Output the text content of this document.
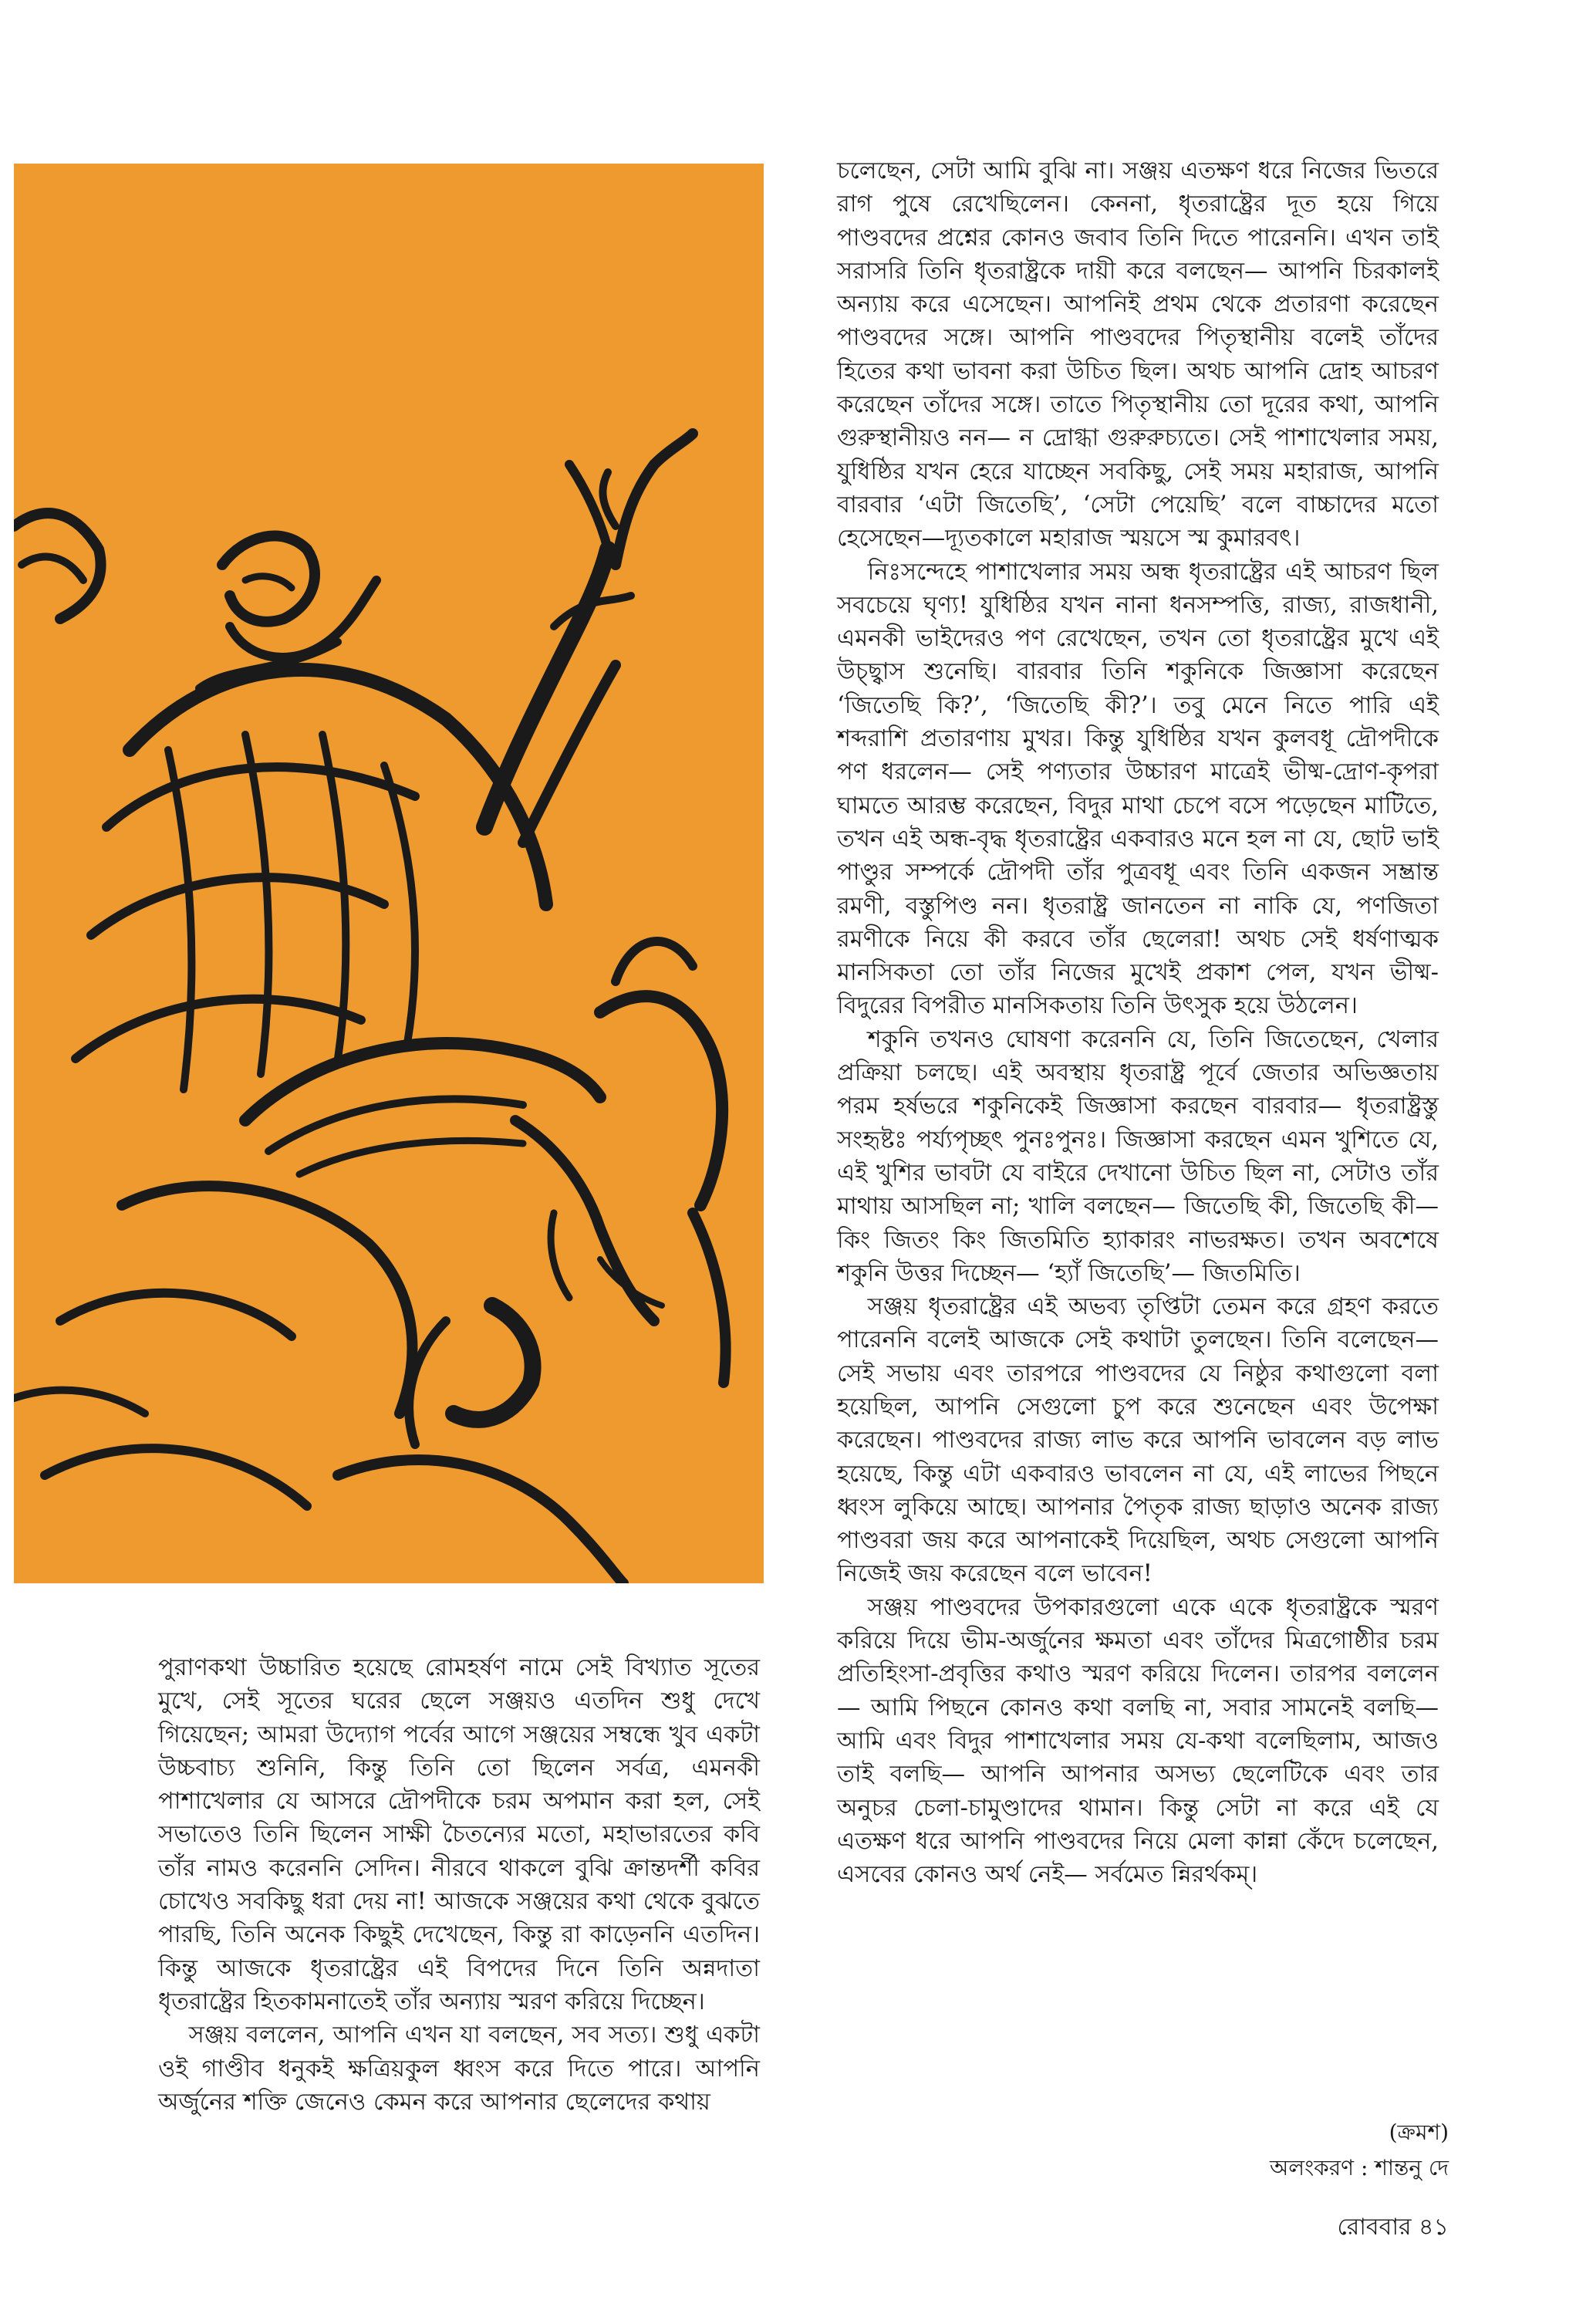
চলেছেন, সেটা আমি বুঝি না। সঞ্জয় এতক্ষণ ধরে নিজের ভিতরে রাগ পুষে রেখেছিলেন। কেননা, ধৃতরাষ্ট্রের দূত হয়ে গিয়ে পাণ্ডবদের প্রশ্নের কোনও জবাব তিনি দিতে পারেননি। এখন তাই সরাসরি তিনি ধৃতরাষ্ট্রকে দায়ী করে বলছেন— আপনি চিরকালই অন্যায় করে এসেছেন। আপনিই প্রথম থেকে প্রতারণা করেছেন পাণ্ডবদের সঙ্গে। আপনি পাণ্ডবদের পিতৃস্থানীয় বলেই তাঁদের হিতের কথা ভাবনা করা উচিত ছিল। অথচ আপনি দ্রোহ আচরণ করেছেন তাঁদের সঙ্গে। তাতে পিতৃস্থানীয় তো দূরের কথা, আপনি গুরুস্থানীয়ও নন— ন দ্রোগ্ধা গুরুরুচ্যতে। সেই পাশাখেলার সময়, যুধিষ্ঠির যখন হেরে যাচ্ছেন সবকিছু, সেই সময় মহারাজ, আপনি বারবার ‘এটা জিতেছি’, ‘সেটা পেয়েছি’ বলে বাচ্চাদের মতো হেসেছেন—দ্যূতকালে মহারাজ স্ময়সে স্ম কুমারবৎ।

নিঃসন্দেহে পাশাখেলার সময় অন্ধ ধৃতরাষ্ট্রের এই আচরণ ছিল সবচেয়ে ঘৃণ্য! যুধিষ্ঠির যখন নানা ধনসম্পত্তি, রাজ্য, রাজধানী, এমনকী ভাইদেরও পণ রেখেছেন, তখন তো ধৃতরাষ্ট্রের মুখে এই উচ্ছ্বাস শুনেছি। বারবার তিনি শকুনিকে জিজ্ঞাসা করেছেন ‘জিতেছি কি?’, ‘জিতেছি কী?’। তবু মেনে নিতে পারি এই শব্দরাশি প্রতারণায় মুখর। কিন্তু যুধিষ্ঠির যখন কুলবধূ দ্রৌপদীকে পণ ধরলেন— সেই পণ্যতার উচ্চারণ মাত্রেই ভীষ্ম-দ্রোণ-কৃপরা ঘামতে আরম্ভ করেছেন, বিদুর মাথা চেপে বসে পড়েছেন মাটিতে, তখন এই অন্ধ-বৃদ্ধ ধৃতরাষ্ট্রের একবারও মনে হল না যে, ছোট ভাই পাণ্ডুর সম্পর্কে দ্রৌপদী তাঁর পুত্রবধূ এবং তিনি একজন সম্ভ্রান্ত রমণী, বস্তুপিণ্ড নন। ধৃতরাষ্ট্র জানতেন না নাকি যে, পণজিতা রমণীকে নিয়ে কী করবে তাঁর ছেলেরা! অথচ সেই ধর্ষণাত্মক মানসিকতা তো তাঁর নিজের মুখেই প্রকাশ পেল, যখন ভীষ্ম-বিদুরের বিপরীত মানসিকতায় তিনি উৎসুক হয়ে উঠলেন।

শকুনি তখনও ঘোষণা করেননি যে, তিনি জিতেছেন, খেলার প্রক্রিয়া চলছে। এই অবস্থায় ধৃতরাষ্ট্র পূর্বে জেতার অভিজ্ঞতায় পরম হর্ষভরে শকুনিকেই জিজ্ঞাসা করছেন বারবার— ধৃতরাষ্ট্রস্তু সংহৃষ্টঃ পর্য্যপৃচ্ছৎ পুনঃপুনঃ। জিজ্ঞাসা করছেন এমন খুশিতে যে, এই খুশির ভাবটা যে বাইরে দেখানো উচিত ছিল না, সেটাও তাঁর মাথায় আসছিল না; খালি বলছেন— জিতেছি কী, জিতেছি কী—কিং জিতং কিং জিতমিতি হ্যাকারং নাভরক্ষত। তখন অবশেষে শকুনি উত্তর দিচ্ছেন— ‘হ্যাঁ জিতেছি’— জিতমিতি।

সঞ্জয় ধৃতরাষ্ট্রের এই অভব্য তৃপ্তিটা তেমন করে গ্রহণ করতে পারেননি বলেই আজকে সেই কথাটা তুলছেন। তিনি বলেছেন— সেই সভায় এবং তারপরে পাণ্ডবদের যে নিষ্ঠুর কথাগুলো বলা হয়েছিল, আপনি সেগুলো চুপ করে শুনেছেন এবং উপেক্ষা করেছেন। পাণ্ডবদের রাজ্য লাভ করে আপনি ভাবলেন বড় লাভ হয়েছে, কিন্তু এটা একবারও ভাবলেন না যে, এই লাভের পিছনে ধ্বংস লুকিয়ে আছে। আপনার পৈতৃক রাজ্য ছাড়াও অনেক রাজ্য পাণ্ডবরা জয় করে আপনাকেই দিয়েছিল, অথচ সেগুলো আপনি নিজেই জয় করেছেন বলে ভাবেন!

সঞ্জয় পাণ্ডবদের উপকারগুলো একে একে ধৃতরাষ্ট্রকে স্মরণ করিয়ে দিয়ে ভীম-অর্জুনের ক্ষমতা এবং তাঁদের মিত্রগোষ্ঠীর চরম প্রতিহিংসা-প্রবৃত্তির কথাও স্মরণ করিয়ে দিলেন। তারপর বললেন— আমি পিছনে কোনও কথা বলছি না, সবার সামনেই বলছি— আমি এবং বিদুর পাশাখেলার সময় যে-কথা বলেছিলাম, আজও তাই বলছি— আপনি আপনার অসভ্য ছেলেটিকে এবং তার অনুচর চেলা-চামুণ্ডাদের থামান। কিন্তু সেটা না করে এই যে এতক্ষণ ধরে আপনি পাণ্ডবদের নিয়ে মেলা কান্না কেঁদে চলেছেন, এসবের কোনও অর্থ নেই— সর্বমেত ন্নিরর্থকম্।

পুরাণকথা উচ্চারিত হয়েছে রোমহর্ষণ নামে সেই বিখ্যাত সূতের মুখে, সেই সূতের ঘরের ছেলে সঞ্জয়ও এতদিন শুধু দেখে গিয়েছেন; আমরা উদ্যোগ পর্বের আগে সঞ্জয়ের সম্বন্ধে খুব একটা উচ্চবাচ্য শুনিনি, কিন্তু তিনি তো ছিলেন সর্বত্র, এমনকী পাশাখেলার যে আসরে দ্রৌপদীকে চরম অপমান করা হল, সেই সভাতেও তিনি ছিলেন সাক্ষী চৈতন্যের মতো, মহাভারতের কবি তাঁর নামও করেননি সেদিন। নীরবে থাকলে বুঝি ক্রান্তদর্শী কবির চোখেও সবকিছু ধরা দেয় না! আজকে সঞ্জয়ের কথা থেকে বুঝতে পারছি, তিনি অনেক কিছুই দেখেছেন, কিন্তু রা কাড়েননি এতদিন। কিন্তু আজকে ধৃতরাষ্ট্রের এই বিপদের দিনে তিনি অন্নদাতা ধৃতরাষ্ট্রের হিতকামনাতেই তাঁর অন্যায় স্মরণ করিয়ে দিচ্ছেন।

সঞ্জয় বললেন, আপনি এখন যা বলছেন, সব সত্য। শুধু একটা ওই গাণ্ডীব ধনুকই ক্ষত্রিয়কুল ধ্বংস করে দিতে পারে। আপনি অর্জুনের শক্তি জেনেও কেমন করে আপনার ছেলেদের কথায়

(ক্রমশ)
অলংকরণ : শান্তনু দে
রোববার ৪১
